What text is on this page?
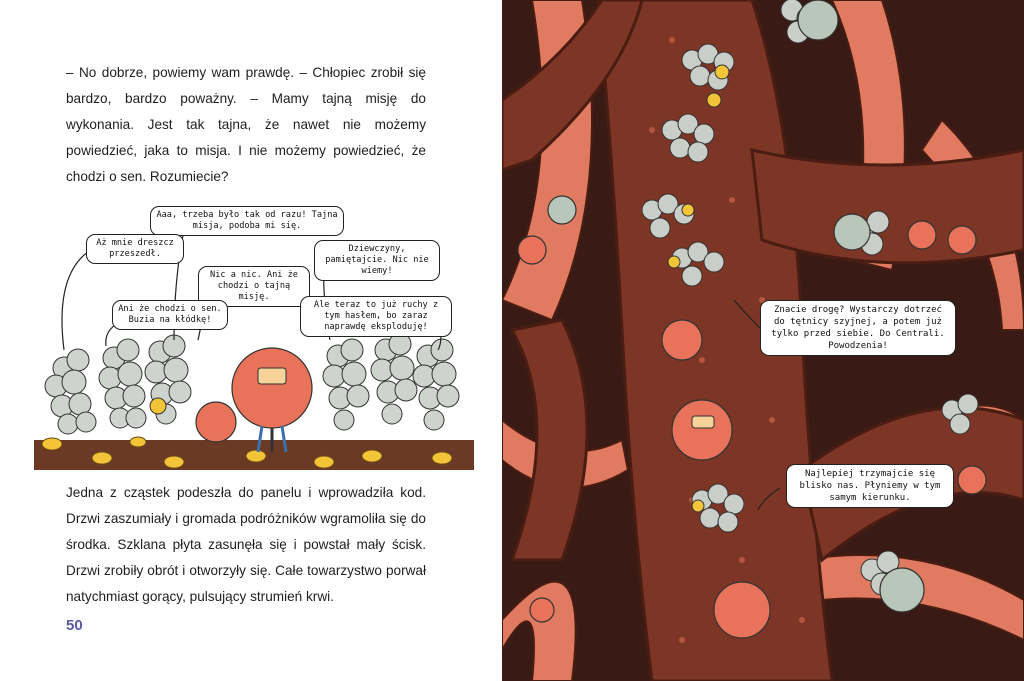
– No dobrze, powiemy wam prawdę. – Chłopiec zrobił się bardzo, bardzo poważny. – Mamy tajną misję do wykonania. Jest tak tajna, że nawet nie możemy powiedzieć, jaka to misja. I nie możemy powiedzieć, że chodzi o sen. Rozumiecie?

Aaa, trzeba było tak od razu! Tajna misja, podoba mi się.
Aż mnie dreszcz przeszedł.	Dziewczyny, pamiętajcie. Nic nie wiemy!
Nic a nic. Ani że chodzi o tajną misję.
Ani że chodzi o sen. Buzia na kłódkę!
Ale teraz to już ruchy z tym hasłem, bo zaraz naprawdę eksploduję!

Jedna z cząstek podeszła do panelu i wprowadziła kod. Drzwi zaszumiały i gromada podróżników wgramoliła się do środka. Szklana płyta zasunęła się i powstał mały ścisk. Drzwi zrobiły obrót i otworzyły się. Całe towarzystwo porwał natychmiast gorący, pulsujący strumień krwi.

50
Znacie drogę? Wystarczy dotrzeć do tętnicy szyjnej, a potem już tylko przed siebie. Do Centrali. Powodzenia!
Najlepiej trzymajcie się blisko nas. Płyniemy w tym samym kierunku.
